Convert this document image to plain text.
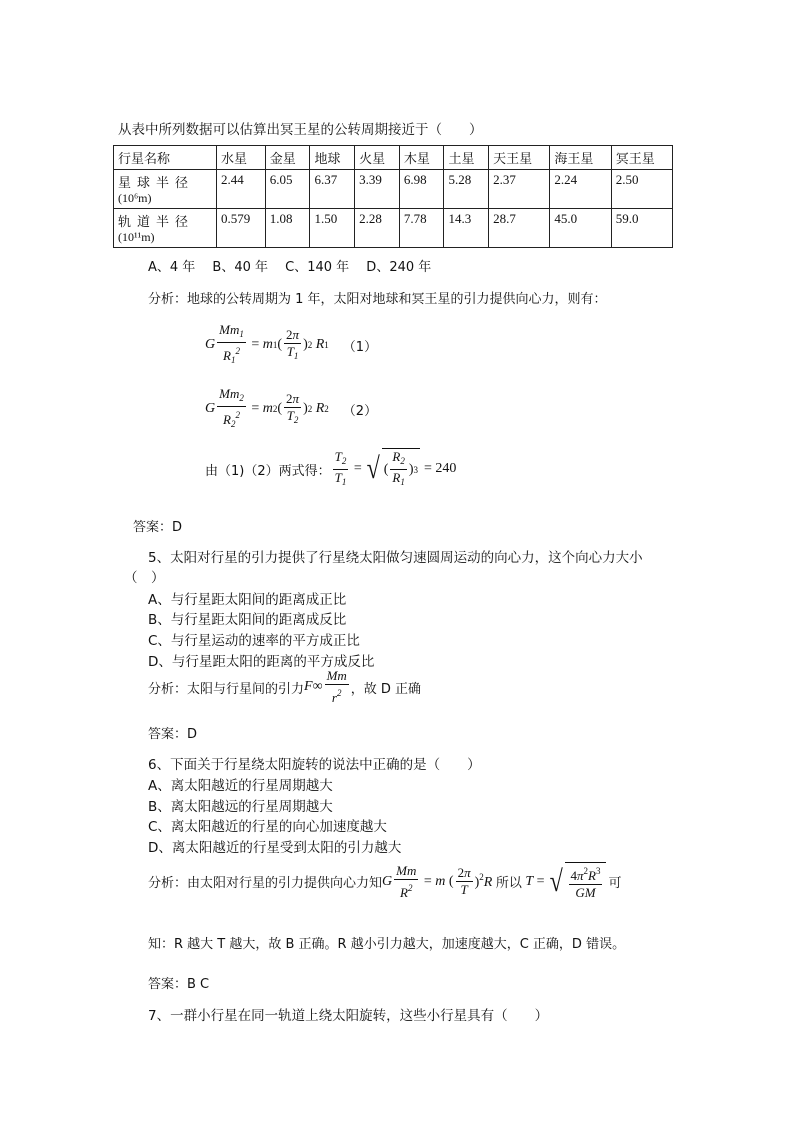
从表中所列数据可以估算出冥王星的公转周期接近于（　　）
行星名称	水星	金星	地球	火星	木星	土星	天王星	海王星	冥王星
星球半径
(10⁶m)	2.44	6.05	6.37	3.39	6.98	5.28	2.37	2.24	2.50
轨道半径
(10¹¹m)	0.579	1.08	1.50	2.28	7.78	14.3	28.7	45.0	59.0
A、4 年　 B、40 年　 C、140 年　 D、240 年
分析：地球的公转周期为 1 年，太阳对地球和冥王星的引力提供向心力，则有：
G $\frac{Mm_1}{R_1^2} = m$ 1 ( $\frac{2\pi}{T_1}$ ) 2 R 1 （1）
G $\frac{Mm_2}{R_2^2} = m$ 2 ( $\frac{2\pi}{T_2}$ ) 2 R 2 （2）
由（1)（2）两式得： $\frac{T_2}{T_1}$ = √ ( $\frac{R_2}{R_1}$ ) 3 = 240
答案：D
5、太阳对行星的引力提供了行星绕太阳做匀速圆周运动的向心力，这个向心力大小
（　）
A、与行星距太阳间的距离成正比
B、与行星距太阳间的距离成反比
C、与行星运动的速率的平方成正比
D、与行星距太阳的距离的平方成反比
分析：太阳与行星间的引力 F ∞ $\frac{Mm}{r^2}$ ，故 D 正确
答案：D
6、下面关于行星绕太阳旋转的说法中正确的是（　　）
A、离太阳越近的行星周期越大
B、离太阳越远的行星周期越大
C、离太阳越近的行星的向心加速度越大
D、离太阳越近的行星受到太阳的引力越大
分析：由太阳对行星的引力提供向心力知 G $\frac{Mm}{R^2} = m$ ( $\frac{2\pi}{T} )^2R$ 所以 T = √ $\frac{4\pi^2R^3}{GM}$ 可
知：R 越大 T 越大，故 B 正确。R 越小引力越大，加速度越大，C 正确，D 错误。
答案：B C
7、一群小行星在同一轨道上绕太阳旋转，这些小行星具有（　　）
